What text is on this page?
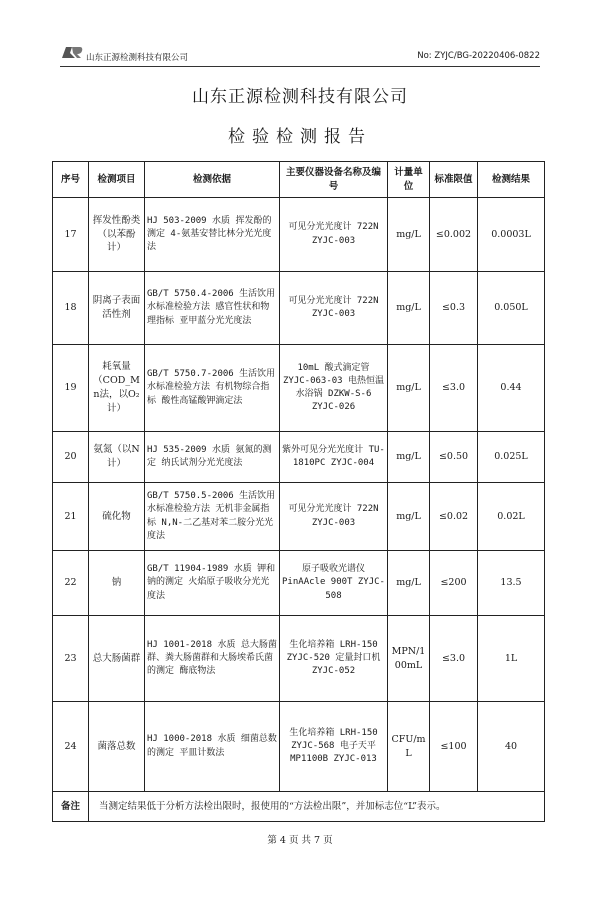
山东正源检测科技有限公司	No: ZYJC/BG-20220406-0822
山东正源检测科技有限公司
检验检测报告
序号	检测项目	检测依据	主要仪器设备名称及编号	计量单位	标准限值	检测结果
17	挥发性酚类（以苯酚计）	HJ 503-2009 水质 挥发酚的测定 4-氨基安替比林分光光度法	可见分光光度计 722N ZYJC-003	mg/L	≤0.002	0.0003L
18	阴离子表面活性剂	GB/T 5750.4-2006 生活饮用水标准检验方法 感官性状和物理指标 亚甲蓝分光光度法	可见分光光度计 722N ZYJC-003	mg/L	≤0.3	0.050L
19	耗氧量（COD_Mn法，以O₂计）	GB/T 5750.7-2006 生活饮用水标准检验方法 有机物综合指标 酸性高锰酸钾滴定法	10mL 酸式滴定管 ZYJC-063-03 电热恒温水浴锅 DZKW-S-6 ZYJC-026	mg/L	≤3.0	0.44
20	氨氮（以N计）	HJ 535-2009 水质 氨氮的测定 纳氏试剂分光光度法	紫外可见分光光度计 TU-1810PC ZYJC-004	mg/L	≤0.50	0.025L
21	硫化物	GB/T 5750.5-2006 生活饮用水标准检验方法 无机非金属指标 N,N-二乙基对苯二胺分光光度法	可见分光光度计 722N ZYJC-003	mg/L	≤0.02	0.02L
22	钠	GB/T 11904-1989 水质 钾和钠的测定 火焰原子吸收分光光度法	原子吸收光谱仪 PinAAcle 900T ZYJC-508	mg/L	≤200	13.5
23	总大肠菌群	HJ 1001-2018 水质 总大肠菌群、粪大肠菌群和大肠埃希氏菌的测定 酶底物法	生化培养箱 LRH-150 ZYJC-520 定量封口机 ZYJC-052	MPN/100mL	≤3.0	1L
24	菌落总数	HJ 1000-2018 水质 细菌总数的测定 平皿计数法	生化培养箱 LRH-150 ZYJC-568 电子天平 MP1100B ZYJC-013	CFU/mL	≤100	40
备注	当测定结果低于分析方法检出限时，报使用的“方法检出限”，并加标志位“L”表示。					
第 4 页 共 7 页
